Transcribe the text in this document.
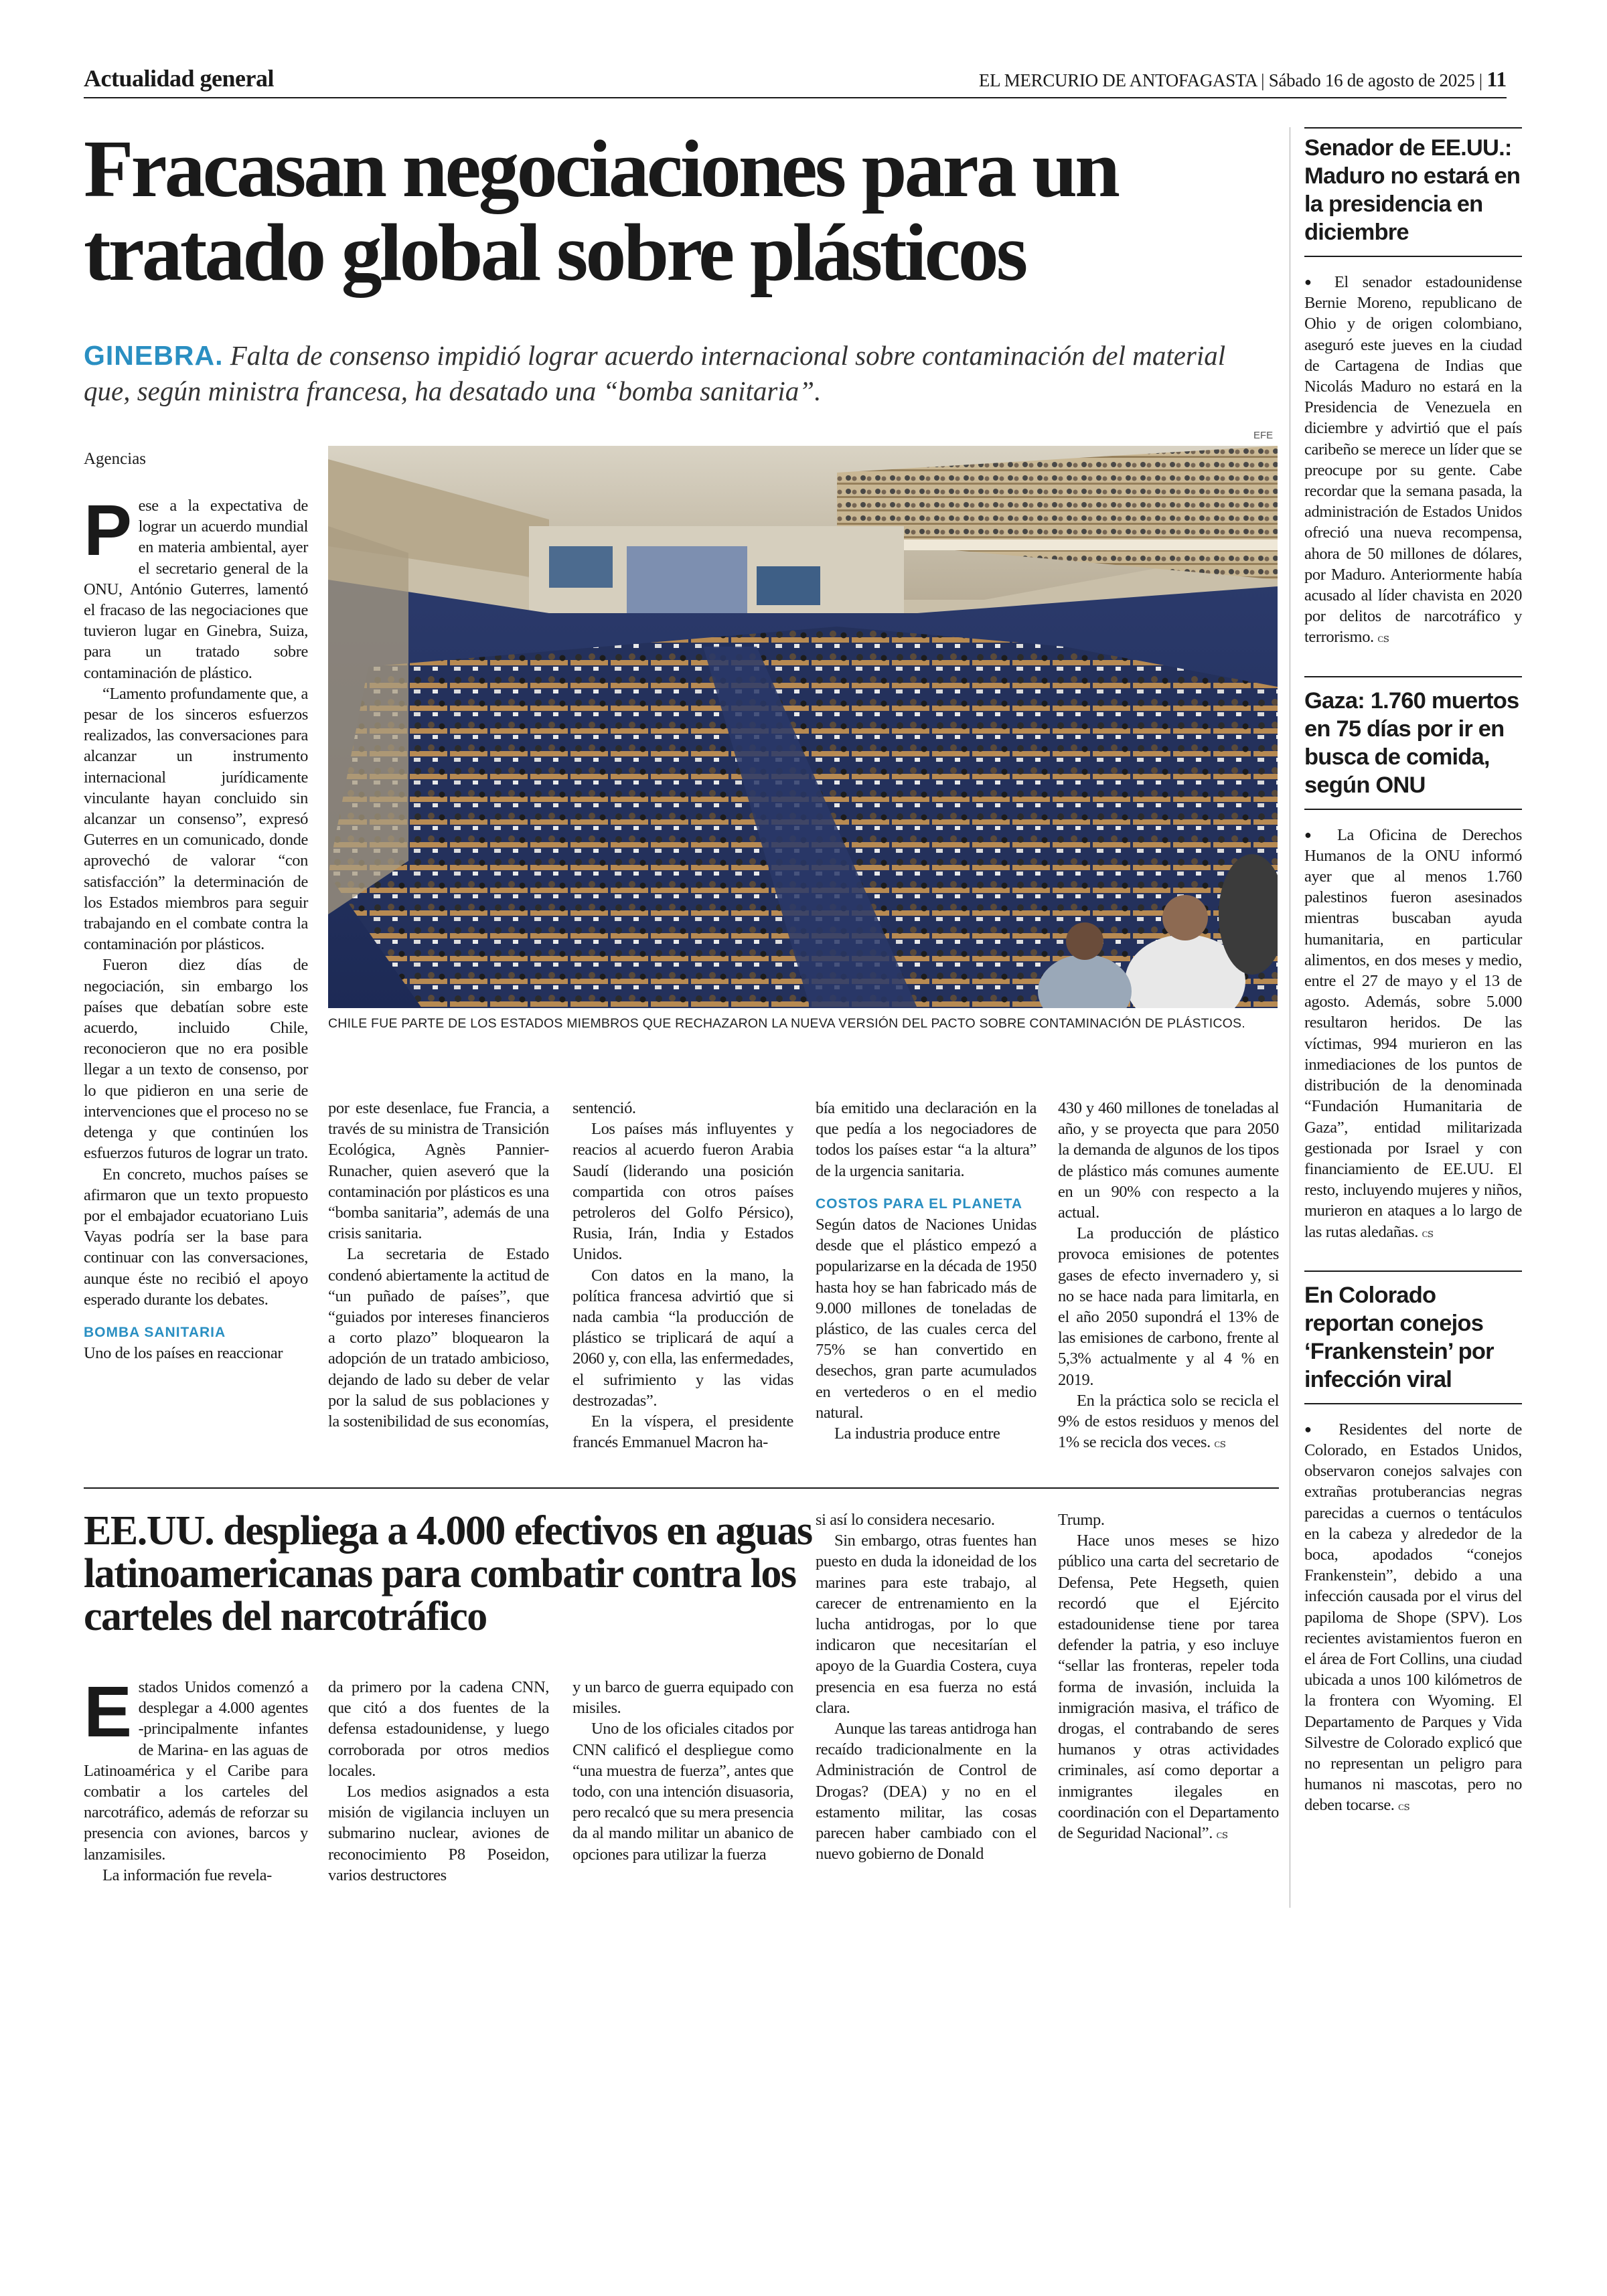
Actualidad general	EL MERCURIO DE ANTOFAGASTA | Sábado 16 de agosto de 2025 | 11
Fracasan negociaciones para un tratado global sobre plásticos
GINEBRA. Falta de consenso impidió lograr acuerdo internacional sobre contaminación del material que, según ministra francesa, ha desatado una “bomba sanitaria”.
Agencias
EFE
CHILE FUE PARTE DE LOS ESTADOS MIEMBROS QUE RECHAZARON LA NUEVA VERSIÓN DEL PACTO SOBRE CONTAMINACIÓN DE PLÁSTICOS.

Pese a la expectativa de lograr un acuerdo mundial en materia ambiental, ayer el secretario general de la ONU, António Guterres, lamentó el fracaso de las negociaciones que tuvieron lugar en Ginebra, Suiza, para un tratado sobre contaminación de plástico.

“Lamento profundamente que, a pesar de los sinceros esfuerzos realizados, las conversaciones para alcanzar un instrumento internacional jurídicamente vinculante hayan concluido sin alcanzar un consenso”, expresó Guterres en un comunicado, donde aprovechó de valorar “con satisfacción” la determinación de los Estados miembros para seguir trabajando en el combate contra la contaminación por plásticos.

Fueron diez días de negociación, sin embargo los países que debatían sobre este acuerdo, incluido Chile, reconocieron que no era posible llegar a un texto de consenso, por lo que pidieron en una serie de intervenciones que el proceso no se detenga y que continúen los esfuerzos futuros de lograr un trato.

En concreto, muchos países se afirmaron que un texto propuesto por el embajador ecuatoriano Luis Vayas podría ser la base para continuar con las conversaciones, aunque éste no recibió el apoyo esperado durante los debates.

BOMBA SANITARIA

Uno de los países en reaccionar

por este desenlace, fue Francia, a través de su ministra de Transición Ecológica, Agnès Pannier-Runacher, quien aseveró que la contaminación por plásticos es una “bomba sanitaria”, además de una crisis sanitaria.

La secretaria de Estado condenó abiertamente la actitud de “un puñado de países”, que “guiados por intereses financieros a corto plazo” bloquearon la adopción de un tratado ambicioso, dejando de lado su deber de velar por la salud de sus poblaciones y la sostenibilidad de sus economías,

sentenció.

Los países más influyentes y reacios al acuerdo fueron Arabia Saudí (liderando una posición compartida con otros países petroleros del Golfo Pérsico), Rusia, Irán, India y Estados Unidos.

Con datos en la mano, la política francesa advirtió que si nada cambia “la producción de plástico se triplicará de aquí a 2060 y, con ella, las enfermedades, el sufrimiento y las vidas destrozadas”.

En la víspera, el presidente francés Emmanuel Macron ha-

bía emitido una declaración en la que pedía a los negociadores de todos los países estar “a la altura” de la urgencia sanitaria.

COSTOS PARA EL PLANETA

Según datos de Naciones Unidas desde que el plástico empezó a popularizarse en la década de 1950 hasta hoy se han fabricado más de 9.000 millones de toneladas de plástico, de las cuales cerca del 75% se han convertido en desechos, gran parte acumulados en vertederos o en el medio natural.

La industria produce entre

430 y 460 millones de toneladas al año, y se proyecta que para 2050 la demanda de algunos de los tipos de plástico más comunes aumente en un 90% con respecto a la actual.

La producción de plástico provoca emisiones de potentes gases de efecto invernadero y, si no se hace nada para limitarla, en el año 2050 supondrá el 13% de las emisiones de carbono, frente al 5,3% actualmente y al 4 % en 2019.

En la práctica solo se recicla el 9% de estos residuos y menos del 1% se recicla dos veces. ᴄꜱ

EE.UU. despliega a 4.000 efectivos en aguas latinoamericanas para combatir contra los carteles del narcotráfico

Estados Unidos comenzó a desplegar a 4.000 agentes -principalmente infantes de Marina- en las aguas de Latinoamérica y el Caribe para combatir a los carteles del narcotráfico, además de reforzar su presencia con aviones, barcos y lanzamisiles.

La información fue revela-

da primero por la cadena CNN, que citó a dos fuentes de la defensa estadounidense, y luego corroborada por otros medios locales.

Los medios asignados a esta misión de vigilancia incluyen un submarino nuclear, aviones de reconocimiento P8 Poseidon, varios destructores

y un barco de guerra equipado con misiles.

Uno de los oficiales citados por CNN calificó el despliegue como “una muestra de fuerza”, antes que todo, con una intención disuasoria, pero recalcó que su mera presencia da al mando militar un abanico de opciones para utilizar la fuerza

si así lo considera necesario.

Sin embargo, otras fuentes han puesto en duda la idoneidad de los marines para este trabajo, al carecer de entrenamiento en la lucha antidrogas, por lo que indicaron que necesitarían el apoyo de la Guardia Costera, cuya presencia en esa fuerza no está clara.

Aunque las tareas antidroga han recaído tradicionalmente en la Administración de Control de Drogas? (DEA) y no en el estamento militar, las cosas parecen haber cambiado con el nuevo gobierno de Donald

Trump.

Hace unos meses se hizo público una carta del secretario de Defensa, Pete Hegseth, quien recordó que el Ejército estadounidense tiene por tarea defender la patria, y eso incluye “sellar las fronteras, repeler toda forma de invasión, incluida la inmigración masiva, el tráfico de drogas, el contrabando de seres humanos y otras actividades criminales, así como deportar a inmigrantes ilegales en coordinación con el Departamento de Seguridad Nacional”. ᴄꜱ

Senador de EE.UU.: Maduro no estará en la presidencia en diciembre
● El senador estadounidense Bernie Moreno, republicano de Ohio y de origen colombiano, aseguró este jueves en la ciudad de Cartagena de Indias que Nicolás Maduro no estará en la Presidencia de Venezuela en diciembre y advirtió que el país caribeño se merece un líder que se preocupe por su gente. Cabe recordar que la semana pasada, la administración de Estados Unidos ofreció una nueva recompensa, ahora de 50 millones de dólares, por Maduro. Anteriormente había acusado al líder chavista en 2020 por delitos de narcotráfico y terrorismo. ᴄꜱ
Gaza: 1.760 muertos en 75 días por ir en busca de comida, según ONU
● La Oficina de Derechos Humanos de la ONU informó ayer que al menos 1.760 palestinos fueron asesinados mientras buscaban ayuda humanitaria, en particular alimentos, en dos meses y medio, entre el 27 de mayo y el 13 de agosto. Además, sobre 5.000 resultaron heridos. De las víctimas, 994 murieron en las inmediaciones de los puntos de distribución de la denominada “Fundación Humanitaria de Gaza”, entidad militarizada gestionada por Israel y con financiamiento de EE.UU. El resto, incluyendo mujeres y niños, murieron en ataques a lo largo de las rutas aledañas. ᴄꜱ
En Colorado reportan conejos ‘Frankenstein’ por infección viral
● Residentes del norte de Colorado, en Estados Unidos, observaron conejos salvajes con extrañas protuberancias negras parecidas a cuernos o tentáculos en la cabeza y alrededor de la boca, apodados “conejos Frankenstein”, debido a una infección causada por el virus del papiloma de Shope (SPV). Los recientes avistamientos fueron en el área de Fort Collins, una ciudad ubicada a unos 100 kilómetros de la frontera con Wyoming. El Departamento de Parques y Vida Silvestre de Colorado explicó que no representan un peligro para humanos ni mascotas, pero no deben tocarse. ᴄꜱ
